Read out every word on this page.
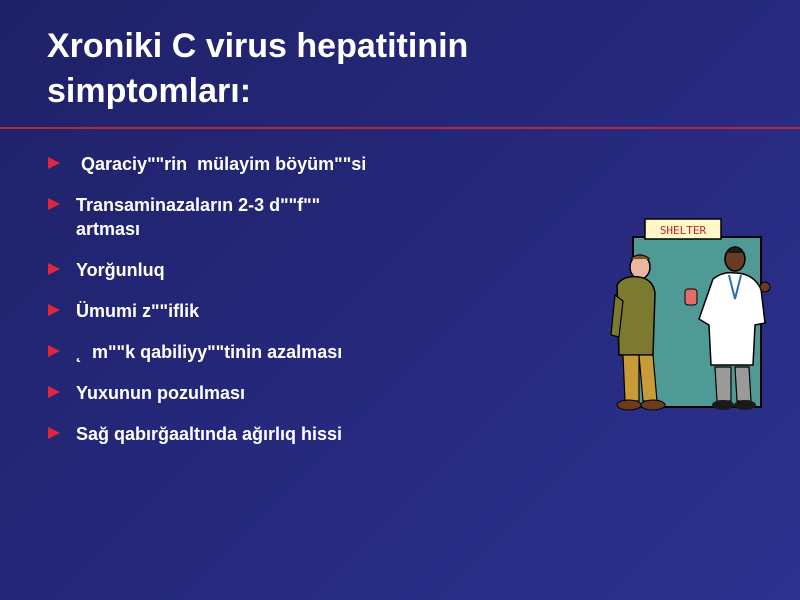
Xroniki C virus hepatitinin
simptomları:
Qaraciyʺʺrin  mülayim böyümʺʺsi
Transaminazaların 2-3 dʺʺfʺʺ
artması
Yorğunluq
Ümumi zʺʺiflik
˛  mʺʺk qabiliyyʺʺtinin azalması
Yuxunun pozulması
Sağ qabırğaaltında ağırlıq hissi
SHELTER
